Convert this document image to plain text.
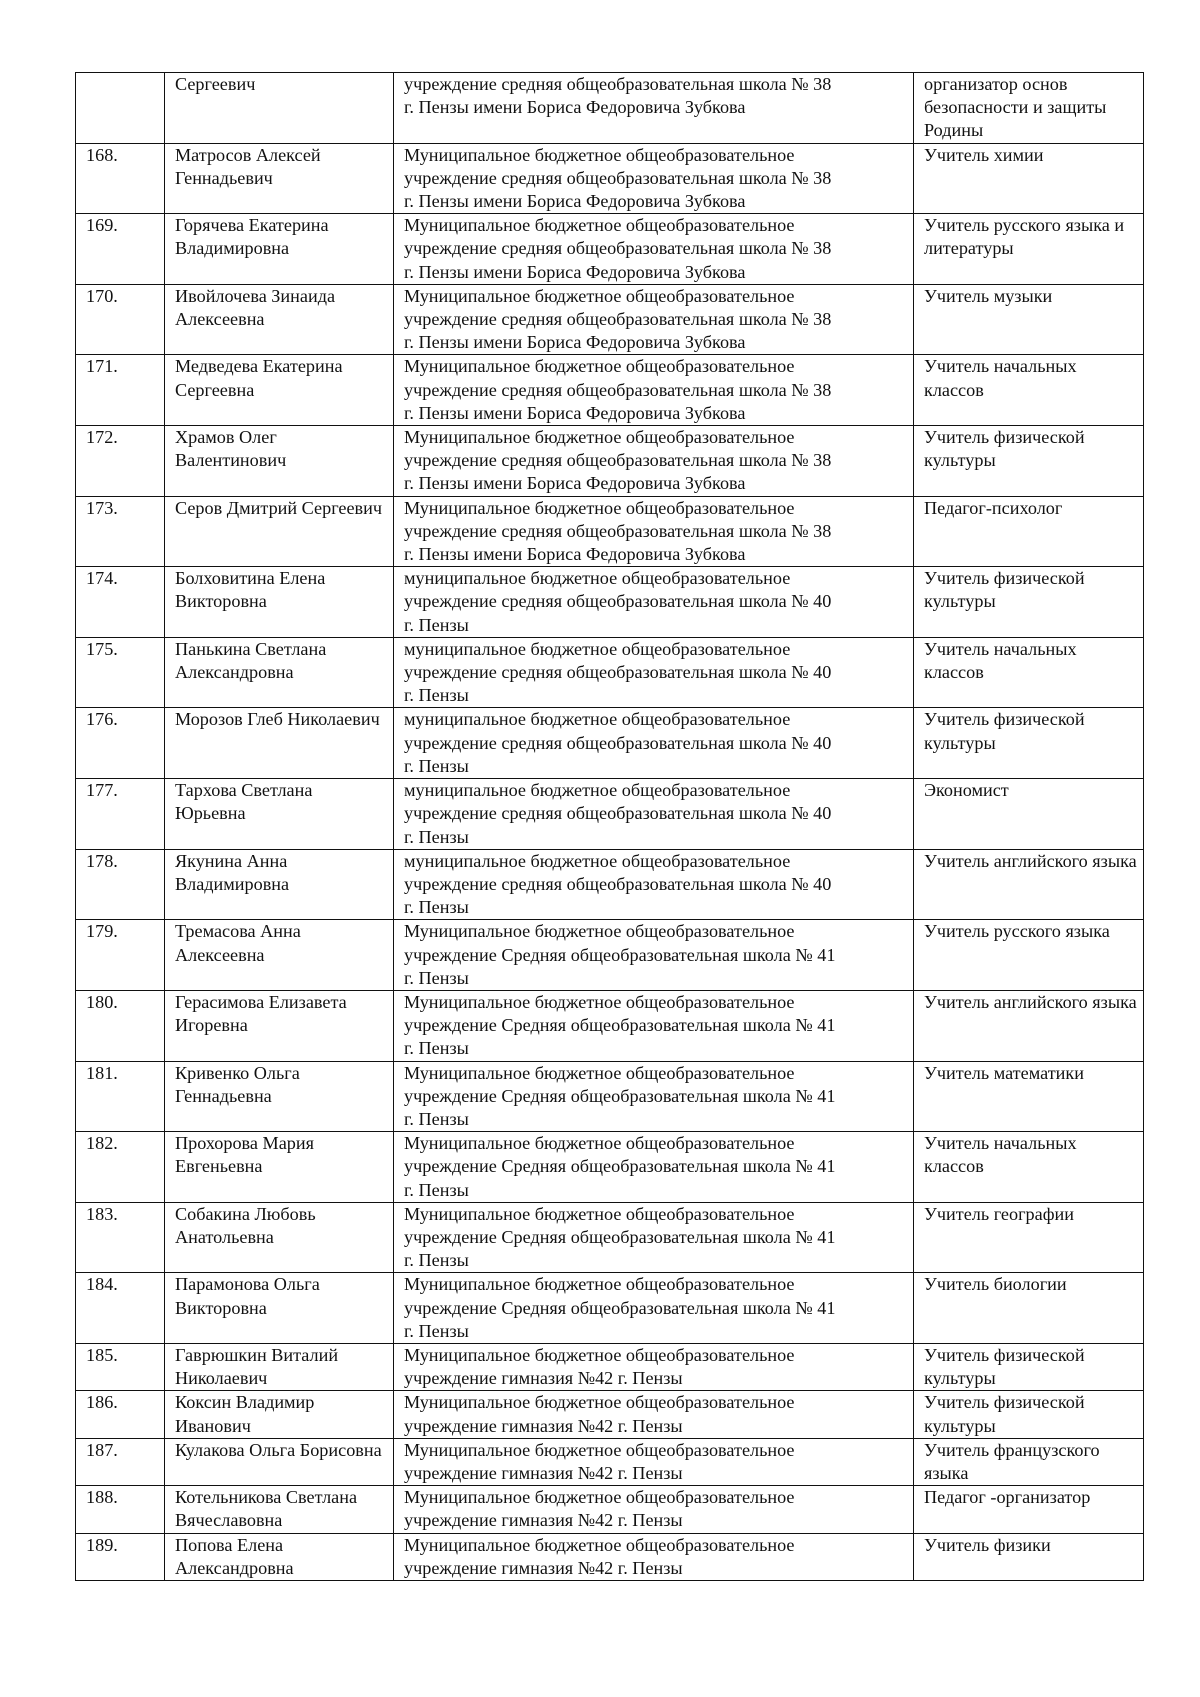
	Сергеевич	учреждение средняя общеобразовательная школа № 38
г. Пензы имени Бориса Федоровича Зубкова	организатор основ безопасности и защиты Родины
168.	Матросов Алексей Геннадьевич	Муниципальное бюджетное общеобразовательное
учреждение средняя общеобразовательная школа № 38
г. Пензы имени Бориса Федоровича Зубкова	Учитель химии
169.	Горячева Екатерина Владимировна	Муниципальное бюджетное общеобразовательное
учреждение средняя общеобразовательная школа № 38
г. Пензы имени Бориса Федоровича Зубкова	Учитель русского языка и литературы
170.	Ивойлочева Зинаида Алексеевна	Муниципальное бюджетное общеобразовательное
учреждение средняя общеобразовательная школа № 38
г. Пензы имени Бориса Федоровича Зубкова	Учитель музыки
171.	Медведева Екатерина Сергеевна	Муниципальное бюджетное общеобразовательное
учреждение средняя общеобразовательная школа № 38
г. Пензы имени Бориса Федоровича Зубкова	Учитель начальных классов
172.	Храмов Олег Валентинович	Муниципальное бюджетное общеобразовательное
учреждение средняя общеобразовательная школа № 38
г. Пензы имени Бориса Федоровича Зубкова	Учитель физической культуры
173.	Серов Дмитрий Сергеевич	Муниципальное бюджетное общеобразовательное
учреждение средняя общеобразовательная школа № 38
г. Пензы имени Бориса Федоровича Зубкова	Педагог-психолог
174.	Болховитина Елена Викторовна	муниципальное бюджетное общеобразовательное
учреждение средняя общеобразовательная школа № 40
г. Пензы	Учитель физической культуры
175.	Панькина Светлана Александровна	муниципальное бюджетное общеобразовательное
учреждение средняя общеобразовательная школа № 40
г. Пензы	Учитель начальных классов
176.	Морозов Глеб Николаевич	муниципальное бюджетное общеобразовательное
учреждение средняя общеобразовательная школа № 40
г. Пензы	Учитель физической культуры
177.	Тархова Светлана Юрьевна	муниципальное бюджетное общеобразовательное
учреждение средняя общеобразовательная школа № 40
г. Пензы	Экономист
178.	Якунина Анна Владимировна	муниципальное бюджетное общеобразовательное
учреждение средняя общеобразовательная школа № 40
г. Пензы	Учитель английского языка
179.	Тремасова Анна Алексеевна	Муниципальное бюджетное общеобразовательное
учреждение Средняя общеобразовательная школа № 41
г. Пензы	Учитель русского языка
180.	Герасимова Елизавета Игоревна	Муниципальное бюджетное общеобразовательное
учреждение Средняя общеобразовательная школа № 41
г. Пензы	Учитель английского языка
181.	Кривенко Ольга Геннадьевна	Муниципальное бюджетное общеобразовательное
учреждение Средняя общеобразовательная школа № 41
г. Пензы	Учитель математики
182.	Прохорова Мария Евгеньевна	Муниципальное бюджетное общеобразовательное
учреждение Средняя общеобразовательная школа № 41
г. Пензы	Учитель начальных классов
183.	Собакина Любовь Анатольевна	Муниципальное бюджетное общеобразовательное
учреждение Средняя общеобразовательная школа № 41
г. Пензы	Учитель географии
184.	Парамонова Ольга Викторовна	Муниципальное бюджетное общеобразовательное
учреждение Средняя общеобразовательная школа № 41
г. Пензы	Учитель биологии
185.	Гаврюшкин Виталий Николаевич	Муниципальное бюджетное общеобразовательное
учреждение гимназия №42 г. Пензы	Учитель физической культуры
186.	Коксин Владимир Иванович	Муниципальное бюджетное общеобразовательное
учреждение гимназия №42 г. Пензы	Учитель физической культуры
187.	Кулакова Ольга Борисовна	Муниципальное бюджетное общеобразовательное
учреждение гимназия №42 г. Пензы	Учитель французского языка
188.	Котельникова Светлана Вячеславовна	Муниципальное бюджетное общеобразовательное
учреждение гимназия №42 г. Пензы	Педагог -организатор
189.	Попова Елена Александровна	Муниципальное бюджетное общеобразовательное
учреждение гимназия №42 г. Пензы	Учитель физики
